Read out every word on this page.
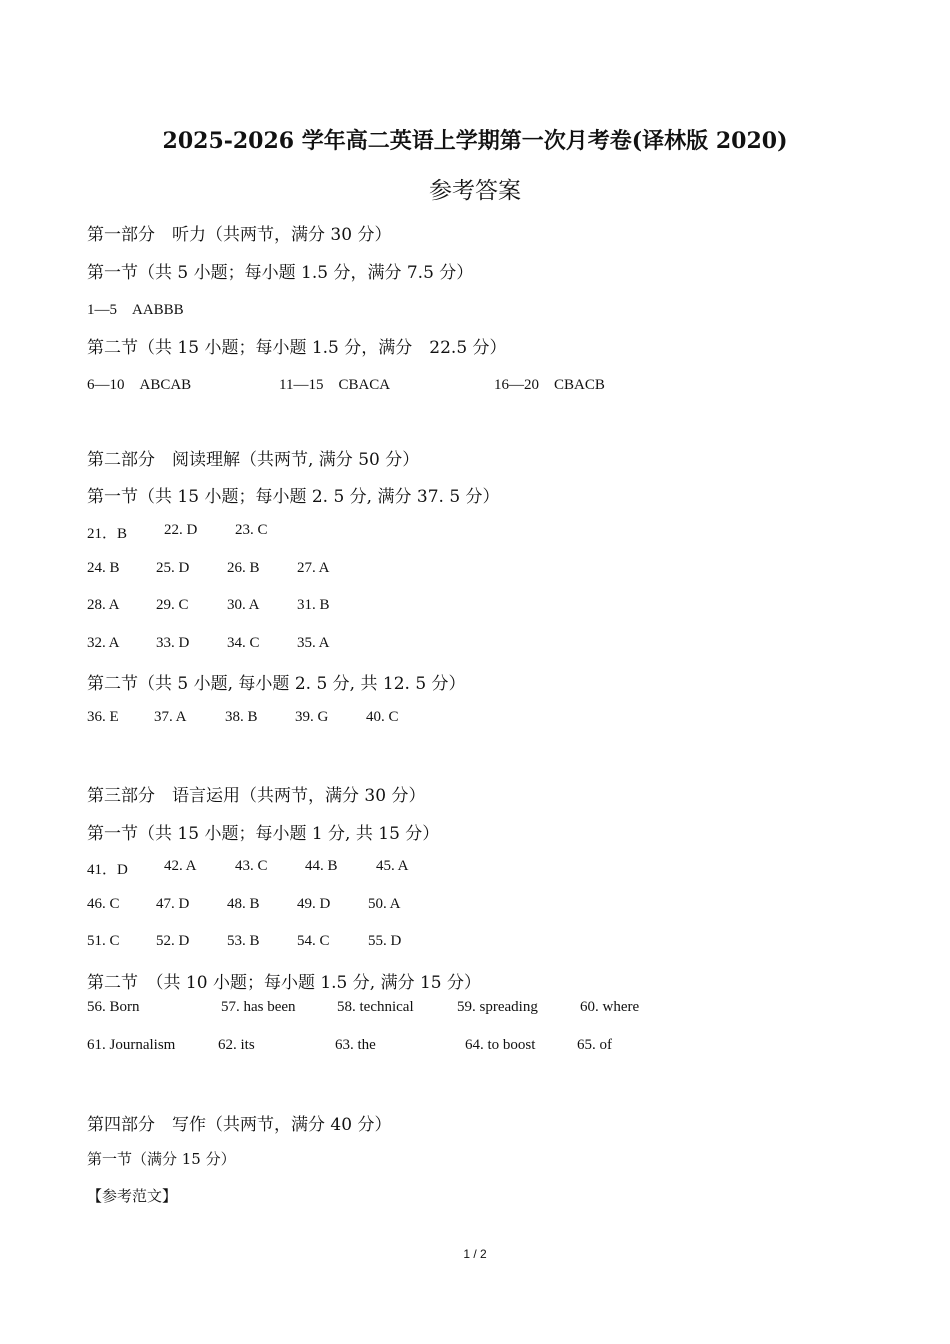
2025-2026 学年高二英语上学期第一次月考卷(译林版 2020)
参考答案
第一部分　听力（共两节，满分 30 分）
第一节（共 5 小题；每小题 1.5 分，满分 7.5 分）
1—5　AABBB
第二节（共 15 小题；每小题 1.5 分，满分　22.5 分）
6—10　ABCAB	11—15　CBACA	16—20　CBACB
第二部分　阅读理解（共两节, 满分 50 分）
第一节（共 15 小题；每小题 2. 5 分, 满分 37. 5 分）
21．B 22. D	23. C
24. B 25. D	26. B 27. A
28. A 29. C	30. A 31. B
32. A 33. D	34. C 35. A
第二节（共 5 小题, 每小题 2. 5 分, 共 12. 5 分）
36. E 37. A	38. B 39. G	40. C
第三部分　语言运用（共两节，满分 30 分）
第一节（共 15 小题；每小题 1 分, 共 15 分）
41．D 42. A	43. C 44. B	45. A
46. C 47. D	48. B 49. D	50. A
51. C 52. D	53. B 54. C	55. D
第二节　（共 10 小题；每小题 1.5 分, 满分 15 分）
56. Born	57. has been	58. technical	59. spreading	60. where
61. Journalism	62. its	63. the	64. to boost	65. of
第四部分　写作（共两节，满分 40 分）
第一节（满分 15 分）
【参考范文】
1 / 2
